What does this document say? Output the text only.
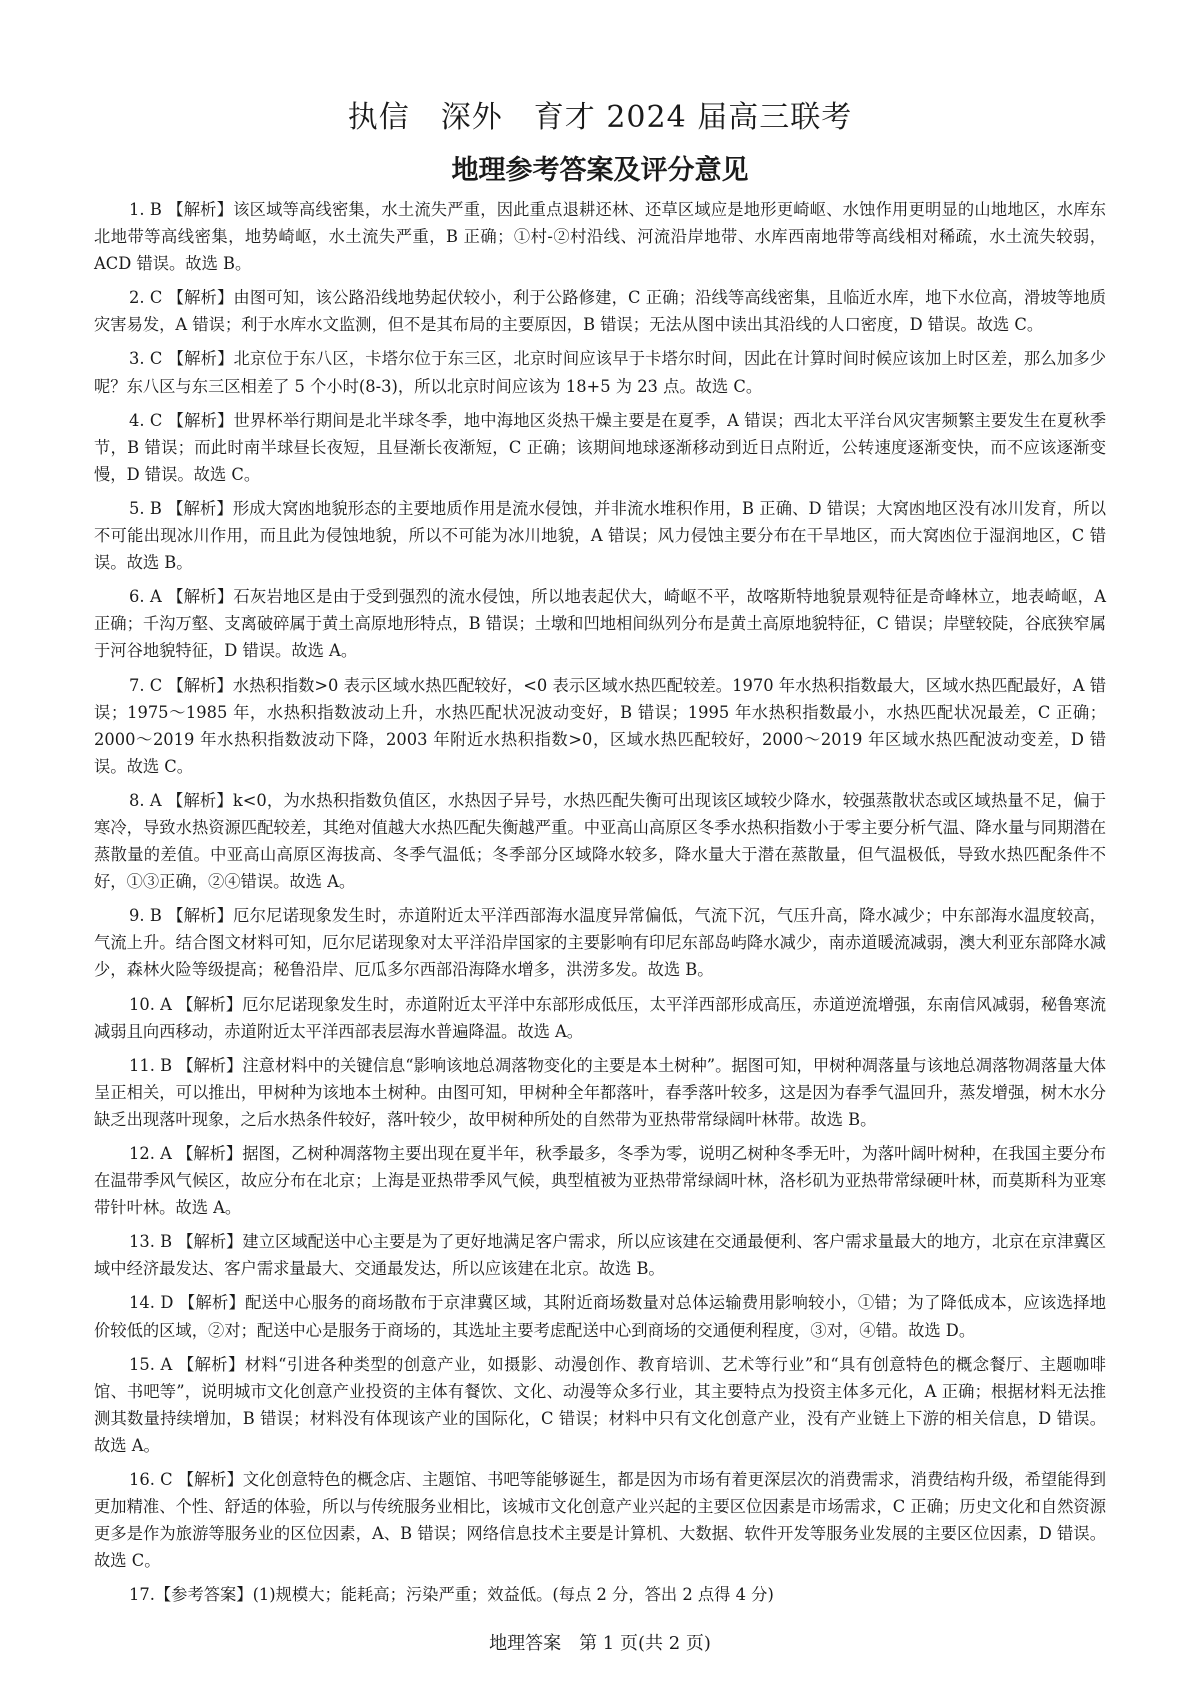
执信　深外　育才 2024 届高三联考
地理参考答案及评分意见

1. B 【解析】该区域等高线密集，水土流失严重，因此重点退耕还林、还草区域应是地形更崎岖、水蚀作用更明显的山地地区，水库东北地带等高线密集，地势崎岖，水土流失严重，B 正确；①村-②村沿线、河流沿岸地带、水库西南地带等高线相对稀疏，水土流失较弱，ACD 错误。故选 B。

2. C 【解析】由图可知，该公路沿线地势起伏较小，利于公路修建，C 正确；沿线等高线密集，且临近水库，地下水位高，滑坡等地质灾害易发，A 错误；利于水库水文监测，但不是其布局的主要原因，B 错误；无法从图中读出其沿线的人口密度，D 错误。故选 C。

3. C 【解析】北京位于东八区，卡塔尔位于东三区，北京时间应该早于卡塔尔时间，因此在计算时间时候应该加上时区差，那么加多少呢？东八区与东三区相差了 5 个小时(8-3)，所以北京时间应该为 18+5 为 23 点。故选 C。

4. C 【解析】世界杯举行期间是北半球冬季，地中海地区炎热干燥主要是在夏季，A 错误；西北太平洋台风灾害频繁主要发生在夏秋季节，B 错误；而此时南半球昼长夜短，且昼渐长夜渐短，C 正确；该期间地球逐渐移动到近日点附近，公转速度逐渐变快，而不应该逐渐变慢，D 错误。故选 C。

5. B 【解析】形成大窝凼地貌形态的主要地质作用是流水侵蚀，并非流水堆积作用，B 正确、D 错误；大窝凼地区没有冰川发育，所以不可能出现冰川作用，而且此为侵蚀地貌，所以不可能为冰川地貌，A 错误；风力侵蚀主要分布在干旱地区，而大窝凼位于湿润地区，C 错误。故选 B。

6. A 【解析】石灰岩地区是由于受到强烈的流水侵蚀，所以地表起伏大，崎岖不平，故喀斯特地貌景观特征是奇峰林立，地表崎岖，A 正确；千沟万壑、支离破碎属于黄土高原地形特点，B 错误；土墩和凹地相间纵列分布是黄土高原地貌特征，C 错误；岸壁较陡，谷底狭窄属于河谷地貌特征，D 错误。故选 A。

7. C 【解析】水热积指数>0 表示区域水热匹配较好，<0 表示区域水热匹配较差。1970 年水热积指数最大，区域水热匹配最好，A 错误；1975～1985 年，水热积指数波动上升，水热匹配状况波动变好，B 错误；1995 年水热积指数最小，水热匹配状况最差，C 正确；2000～2019 年水热积指数波动下降，2003 年附近水热积指数>0，区域水热匹配较好，2000～2019 年区域水热匹配波动变差，D 错误。故选 C。

8. A 【解析】k<0，为水热积指数负值区，水热因子异号，水热匹配失衡可出现该区域较少降水，较强蒸散状态或区域热量不足，偏于寒冷，导致水热资源匹配较差，其绝对值越大水热匹配失衡越严重。中亚高山高原区冬季水热积指数小于零主要分析气温、降水量与同期潜在蒸散量的差值。中亚高山高原区海拔高、冬季气温低；冬季部分区域降水较多，降水量大于潜在蒸散量，但气温极低，导致水热匹配条件不好，①③正确，②④错误。故选 A。

9. B 【解析】厄尔尼诺现象发生时，赤道附近太平洋西部海水温度异常偏低，气流下沉，气压升高，降水减少；中东部海水温度较高，气流上升。结合图文材料可知，厄尔尼诺现象对太平洋沿岸国家的主要影响有印尼东部岛屿降水减少，南赤道暖流减弱，澳大利亚东部降水减少，森林火险等级提高；秘鲁沿岸、厄瓜多尔西部沿海降水增多，洪涝多发。故选 B。

10. A 【解析】厄尔尼诺现象发生时，赤道附近太平洋中东部形成低压，太平洋西部形成高压，赤道逆流增强，东南信风减弱，秘鲁寒流减弱且向西移动，赤道附近太平洋西部表层海水普遍降温。故选 A。

11. B 【解析】注意材料中的关键信息“影响该地总凋落物变化的主要是本土树种”。据图可知，甲树种凋落量与该地总凋落物凋落量大体呈正相关，可以推出，甲树种为该地本土树种。由图可知，甲树种全年都落叶，春季落叶较多，这是因为春季气温回升，蒸发增强，树木水分缺乏出现落叶现象，之后水热条件较好，落叶较少，故甲树种所处的自然带为亚热带常绿阔叶林带。故选 B。

12. A 【解析】据图，乙树种凋落物主要出现在夏半年，秋季最多，冬季为零，说明乙树种冬季无叶，为落叶阔叶树种，在我国主要分布在温带季风气候区，故应分布在北京；上海是亚热带季风气候，典型植被为亚热带常绿阔叶林，洛杉矶为亚热带常绿硬叶林，而莫斯科为亚寒带针叶林。故选 A。

13. B 【解析】建立区域配送中心主要是为了更好地满足客户需求，所以应该建在交通最便利、客户需求量最大的地方，北京在京津冀区域中经济最发达、客户需求量最大、交通最发达，所以应该建在北京。故选 B。

14. D 【解析】配送中心服务的商场散布于京津冀区域，其附近商场数量对总体运输费用影响较小，①错；为了降低成本，应该选择地价较低的区域，②对；配送中心是服务于商场的，其选址主要考虑配送中心到商场的交通便利程度，③对，④错。故选 D。

15. A 【解析】材料“引进各种类型的创意产业，如摄影、动漫创作、教育培训、艺术等行业”和“具有创意特色的概念餐厅、主题咖啡馆、书吧等”，说明城市文化创意产业投资的主体有餐饮、文化、动漫等众多行业，其主要特点为投资主体多元化，A 正确；根据材料无法推测其数量持续增加，B 错误；材料没有体现该产业的国际化，C 错误；材料中只有文化创意产业，没有产业链上下游的相关信息，D 错误。故选 A。

16. C 【解析】文化创意特色的概念店、主题馆、书吧等能够诞生，都是因为市场有着更深层次的消费需求，消费结构升级，希望能得到更加精准、个性、舒适的体验，所以与传统服务业相比，该城市文化创意产业兴起的主要区位因素是市场需求，C 正确；历史文化和自然资源更多是作为旅游等服务业的区位因素，A、B 错误；网络信息技术主要是计算机、大数据、软件开发等服务业发展的主要区位因素，D 错误。故选 C。

17.【参考答案】(1)规模大；能耗高；污染严重；效益低。(每点 2 分，答出 2 点得 4 分)

地理答案　第 1 页(共 2 页)
